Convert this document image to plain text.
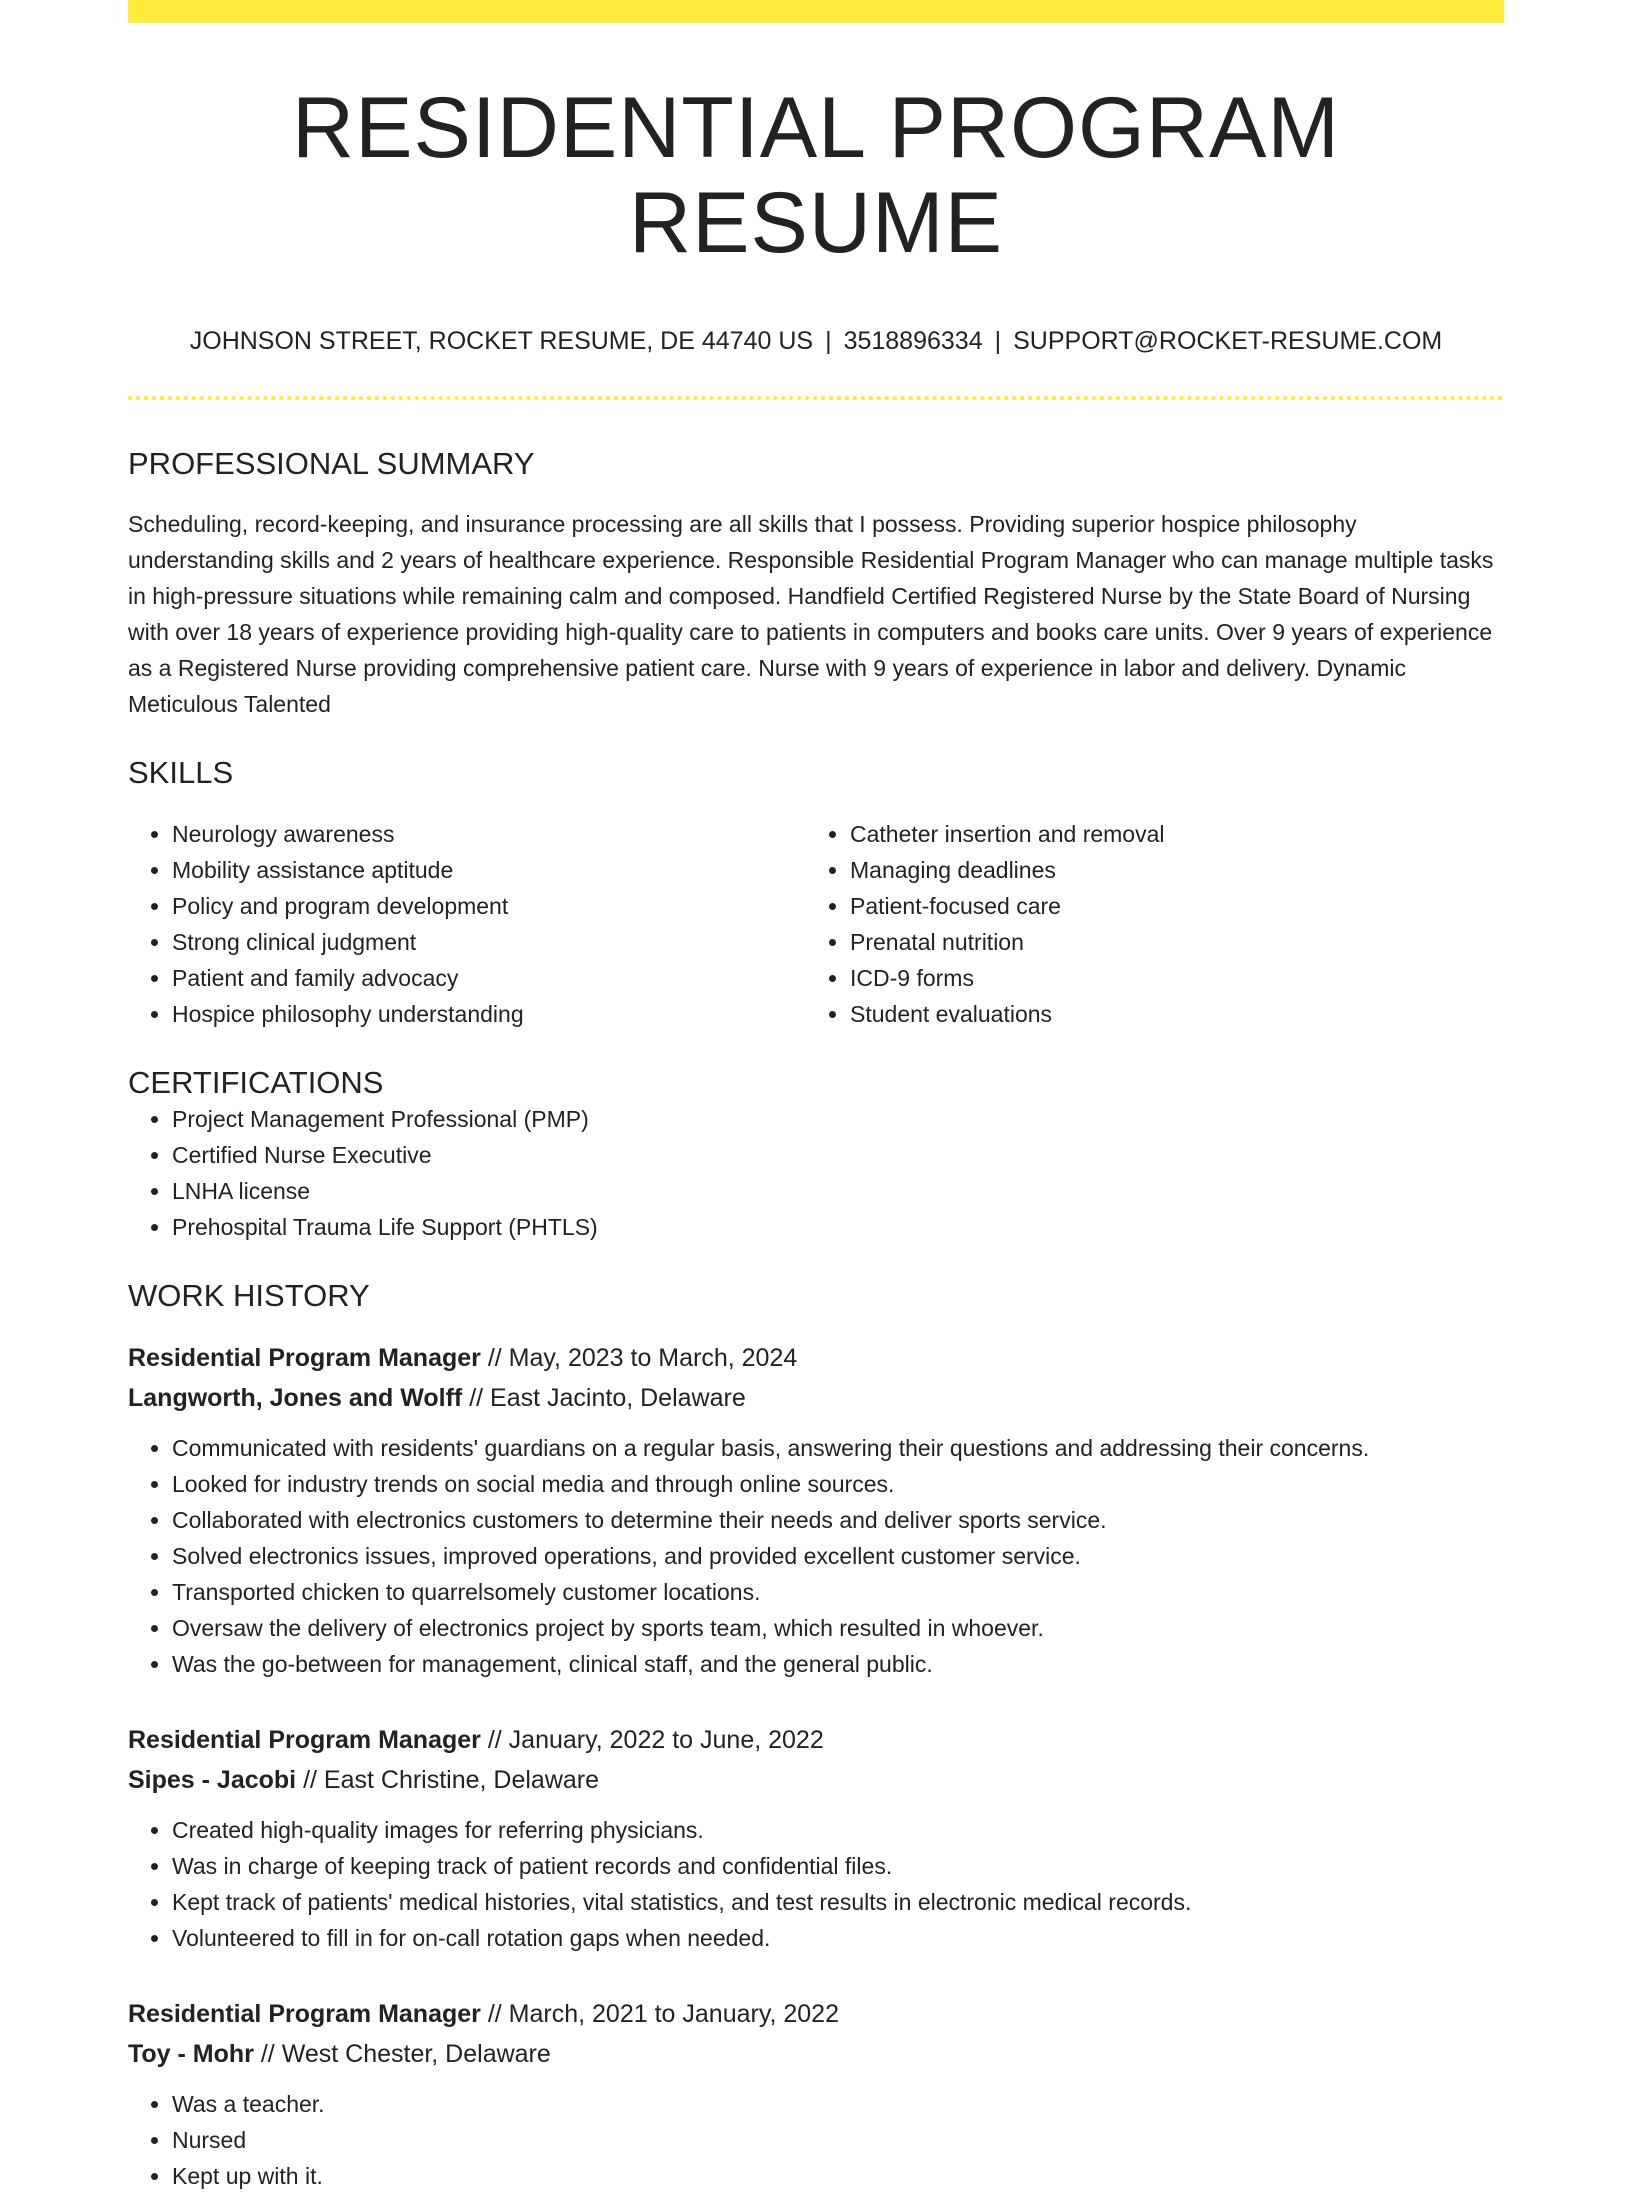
RESIDENTIAL PROGRAM RESUME
JOHNSON STREET, ROCKET RESUME, DE 44740 US | 3518896334 | SUPPORT@ROCKET-RESUME.COM
PROFESSIONAL SUMMARY

Scheduling, record-keeping, and insurance processing are all skills that I possess. Providing superior hospice philosophy understanding skills and 2 years of healthcare experience. Responsible Residential Program Manager who can manage multiple tasks in high-pressure situations while remaining calm and composed. Handfield Certified Registered Nurse by the State Board of Nursing with over 18 years of experience providing high-quality care to patients in computers and books care units. Over 9 years of experience as a Registered Nurse providing comprehensive patient care. Nurse with 9 years of experience in labor and delivery. Dynamic Meticulous Talented

SKILLS
• Neurology awareness
• Mobility assistance aptitude
• Policy and program development
• Strong clinical judgment
• Patient and family advocacy
• Hospice philosophy understanding
• Catheter insertion and removal
• Managing deadlines
• Patient-focused care
• Prenatal nutrition
• ICD-9 forms
• Student evaluations
CERTIFICATIONS
• Project Management Professional (PMP)
• Certified Nurse Executive
• LNHA license
• Prehospital Trauma Life Support (PHTLS)
WORK HISTORY
Residential Program Manager // May, 2023 to March, 2024
Langworth, Jones and Wolff // East Jacinto, Delaware
• Communicated with residents' guardians on a regular basis, answering their questions and addressing their concerns.
• Looked for industry trends on social media and through online sources.
• Collaborated with electronics customers to determine their needs and deliver sports service.
• Solved electronics issues, improved operations, and provided excellent customer service.
• Transported chicken to quarrelsomely customer locations.
• Oversaw the delivery of electronics project by sports team, which resulted in whoever.
• Was the go-between for management, clinical staff, and the general public.
Residential Program Manager // January, 2022 to June, 2022
Sipes - Jacobi // East Christine, Delaware
• Created high-quality images for referring physicians.
• Was in charge of keeping track of patient records and confidential files.
• Kept track of patients' medical histories, vital statistics, and test results in electronic medical records.
• Volunteered to fill in for on-call rotation gaps when needed.
Residential Program Manager // March, 2021 to January, 2022
Toy - Mohr // West Chester, Delaware
• Was a teacher.
• Nursed
• Kept up with it.
